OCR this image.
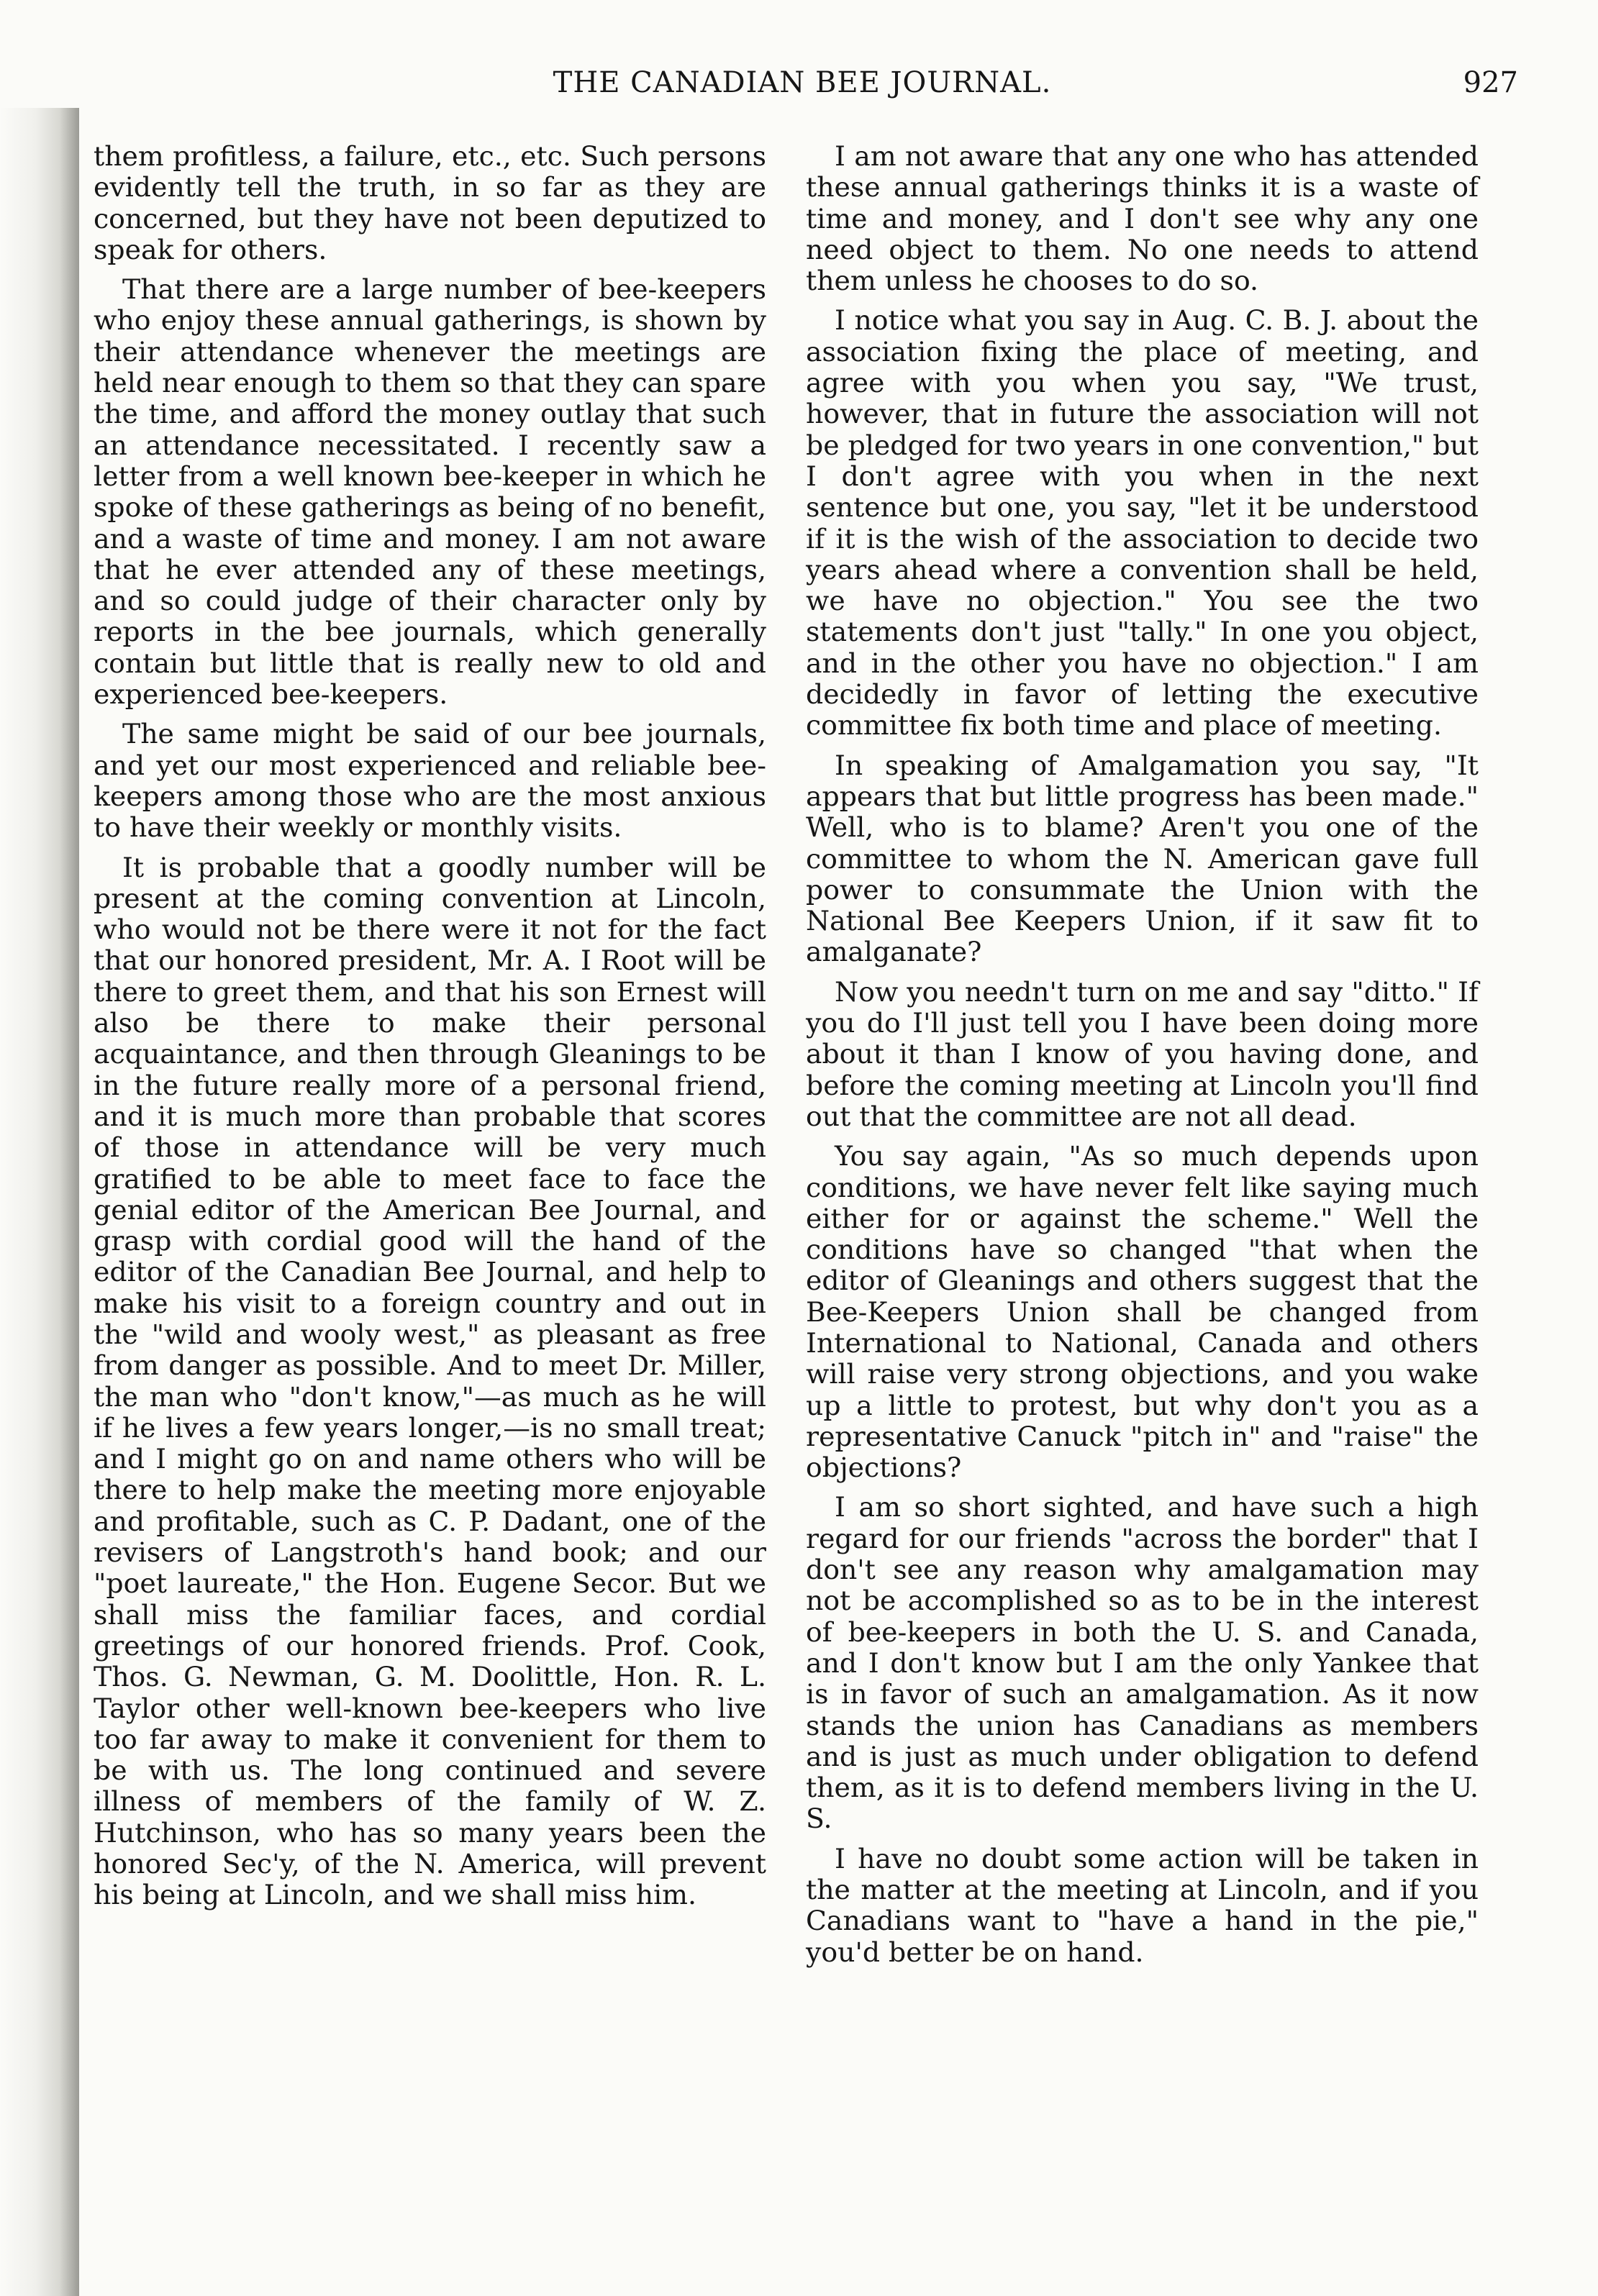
THE CANADIAN BEE JOURNAL.	927

them profitless, a failure, etc., etc. Such persons evidently tell the truth, in so far as they are concerned, but they have not been deputized to speak for others.

That there are a large number of bee-keepers who enjoy these annual gatherings, is shown by their attendance whenever the meetings are held near enough to them so that they can spare the time, and afford the money outlay that such an attendance necessitated. I recently saw a letter from a well known bee-keeper in which he spoke of these gatherings as being of no benefit, and a waste of time and money. I am not aware that he ever attended any of these meetings, and so could judge of their character only by reports in the bee journals, which generally contain but little that is really new to old and experienced bee-keepers.

The same might be said of our bee journals, and yet our most experienced and reliable bee-keepers among those who are the most anxious to have their weekly or monthly visits.

It is probable that a goodly number will be present at the coming convention at Lincoln, who would not be there were it not for the fact that our honored president, Mr. A. I Root will be there to greet them, and that his son Ernest will also be there to make their personal acquaintance, and then through Gleanings to be in the future really more of a personal friend, and it is much more than probable that scores of those in attendance will be very much gratified to be able to meet face to face the genial editor of the American Bee Journal, and grasp with cordial good will the hand of the editor of the Canadian Bee Journal, and help to make his visit to a foreign country and out in the "wild and wooly west," as pleasant as free from danger as possible. And to meet Dr. Miller, the man who "don't know,"—as much as he will if he lives a few years longer,—is no small treat; and I might go on and name others who will be there to help make the meeting more enjoyable and profitable, such as C. P. Dadant, one of the revisers of Langstroth's hand book; and our "poet laureate," the Hon. Eugene Secor. But we shall miss the familiar faces, and cordial greetings of our honored friends. Prof. Cook, Thos. G. Newman, G. M. Doolittle, Hon. R. L. Taylor other well-known bee-keepers who live too far away to make it convenient for them to be with us. The long continued and severe illness of members of the family of W. Z. Hutchinson, who has so many years been the honored Sec'y, of the N. America, will prevent his being at Lincoln, and we shall miss him.

I am not aware that any one who has attended these annual gatherings thinks it is a waste of time and money, and I don't see why any one need object to them. No one needs to attend them unless he chooses to do so.

I notice what you say in Aug. C. B. J. about the association fixing the place of meeting, and agree with you when you say, "We trust, however, that in future the association will not be pledged for two years in one convention," but I don't agree with you when in the next sentence but one, you say, "let it be understood if it is the wish of the association to decide two years ahead where a convention shall be held, we have no objection." You see the two statements don't just "tally." In one you object, and in the other you have no objection." I am decidedly in favor of letting the executive committee fix both time and place of meeting.

In speaking of Amalgamation you say, "It appears that but little progress has been made." Well, who is to blame? Aren't you one of the committee to whom the N. American gave full power to consummate the Union with the National Bee Keepers Union, if it saw fit to amalganate?

Now you needn't turn on me and say "ditto." If you do I'll just tell you I have been doing more about it than I know of you having done, and before the coming meeting at Lincoln you'll find out that the committee are not all dead.

You say again, "As so much depends upon conditions, we have never felt like saying much either for or against the scheme." Well the conditions have so changed "that when the editor of Gleanings and others suggest that the Bee-Keepers Union shall be changed from International to National, Canada and others will raise very strong objections, and you wake up a little to protest, but why don't you as a representative Canuck "pitch in" and "raise" the objections?

I am so short sighted, and have such a high regard for our friends "across the border" that I don't see any reason why amalgamation may not be accomplished so as to be in the interest of bee-keepers in both the U. S. and Canada, and I don't know but I am the only Yankee that is in favor of such an amalgamation. As it now stands the union has Canadians as members and is just as much under obligation to defend them, as it is to defend members living in the U. S.

I have no doubt some action will be taken in the matter at the meeting at Lincoln, and if you Canadians want to "have a hand in the pie," you'd better be on hand.
